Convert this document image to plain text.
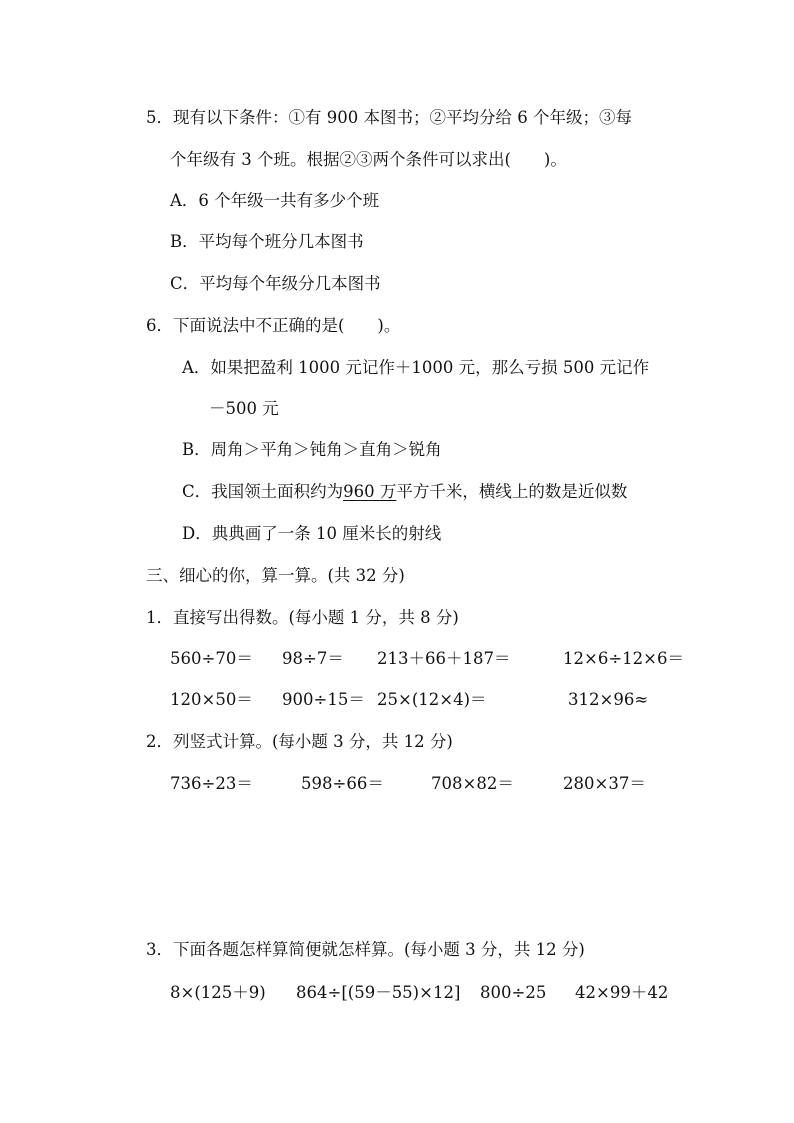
5．现有以下条件：①有 900 本图书；②平均分给 6 个年级；③每
个年级有 3 个班。根据②③两个条件可以求出(　　)。
A．6 个年级一共有多少个班
B．平均每个班分几本图书
C．平均每个年级分几本图书
6．下面说法中不正确的是(　　)。
A．如果把盈利 1000 元记作＋1000 元，那么亏损 500 元记作
－500 元
B．周角＞平角＞钝角＞直角＞锐角
C．我国领土面积约为960 万平方千米，横线上的数是近似数
D．典典画了一条 10 厘米长的射线
三、细心的你，算一算。(共 32 分)
1．直接写出得数。(每小题 1 分，共 8 分)
560÷70＝ 98÷7＝ 213＋66＋187＝	12×6÷12×6＝
120×50＝ 900÷15＝ 25×(12×4)＝	312×96≈
2．列竖式计算。(每小题 3 分，共 12 分)
736÷23＝	598÷66＝	708×82＝	280×37＝
3．下面各题怎样算简便就怎样算。(每小题 3 分，共 12 分)
8×(125＋9) 864÷[(59－55)×12] 800÷25 42×99＋42
